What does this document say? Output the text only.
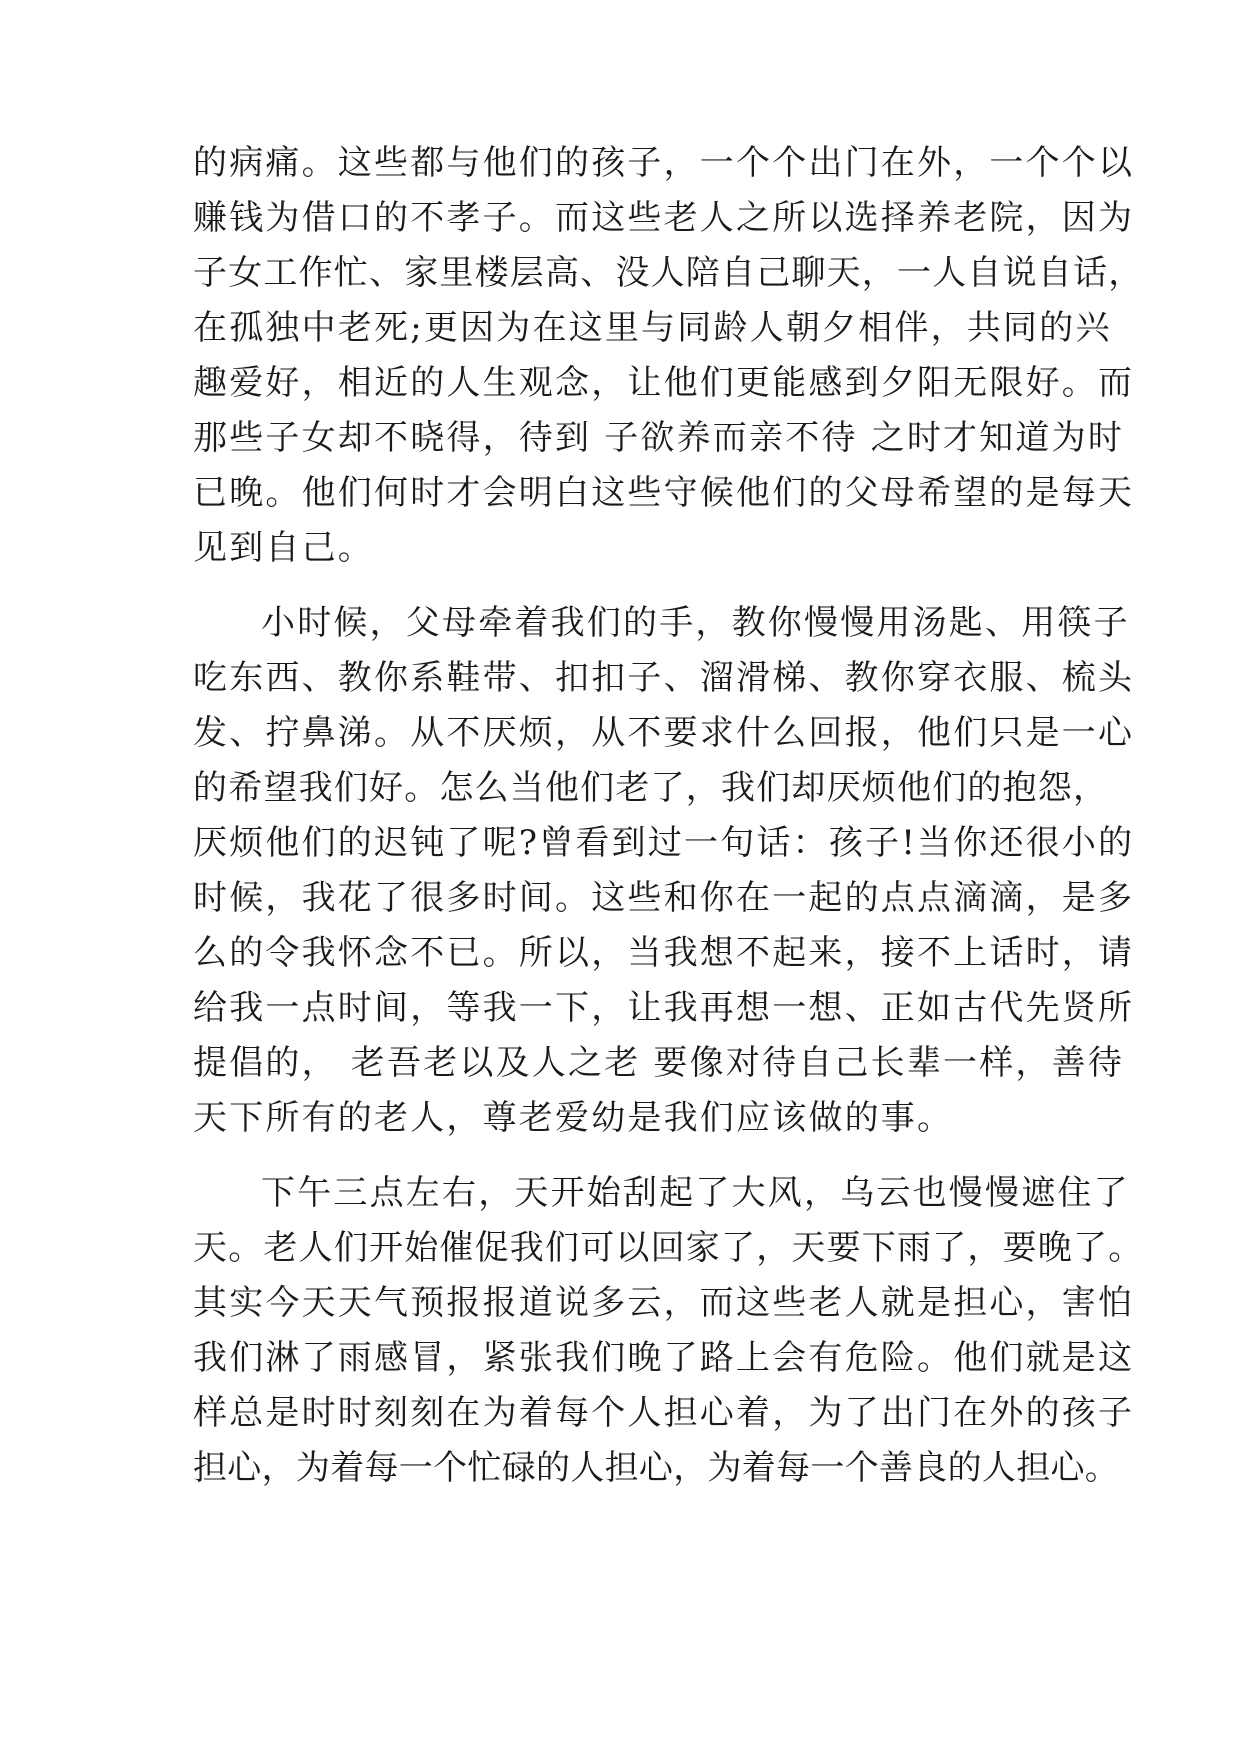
的病痛。这些都与他们的孩子，一个个出门在外，一个个以
赚钱为借口的不孝子。而这些老人之所以选择养老院，因为
子女工作忙、家里楼层高、没人陪自己聊天，一人自说自话，
在孤独中老死;更因为在这里与同龄人朝夕相伴，共同的兴
趣爱好，相近的人生观念，让他们更能感到夕阳无限好。而
那些子女却不晓得，待到 子欲养而亲不待 之时才知道为时
已晚。他们何时才会明白这些守候他们的父母希望的是每天
见到自己。
小时候，父母牵着我们的手，教你慢慢用汤匙、用筷子
吃东西、教你系鞋带、扣扣子、溜滑梯、教你穿衣服、梳头
发、拧鼻涕。从不厌烦，从不要求什么回报，他们只是一心
的希望我们好。怎么当他们老了，我们却厌烦他们的抱怨，
厌烦他们的迟钝了呢?曾看到过一句话：孩子!当你还很小的
时候，我花了很多时间。这些和你在一起的点点滴滴，是多
么的令我怀念不已。所以，当我想不起来，接不上话时，请
给我一点时间，等我一下，让我再想一想、正如古代先贤所
提倡的， 老吾老以及人之老 要像对待自己长辈一样，善待
天下所有的老人，尊老爱幼是我们应该做的事。
下午三点左右，天开始刮起了大风，乌云也慢慢遮住了
天。老人们开始催促我们可以回家了，天要下雨了，要晚了。
其实今天天气预报报道说多云，而这些老人就是担心，害怕
我们淋了雨感冒，紧张我们晚了路上会有危险。他们就是这
样总是时时刻刻在为着每个人担心着，为了出门在外的孩子
担心，为着每一个忙碌的人担心，为着每一个善良的人担心。
